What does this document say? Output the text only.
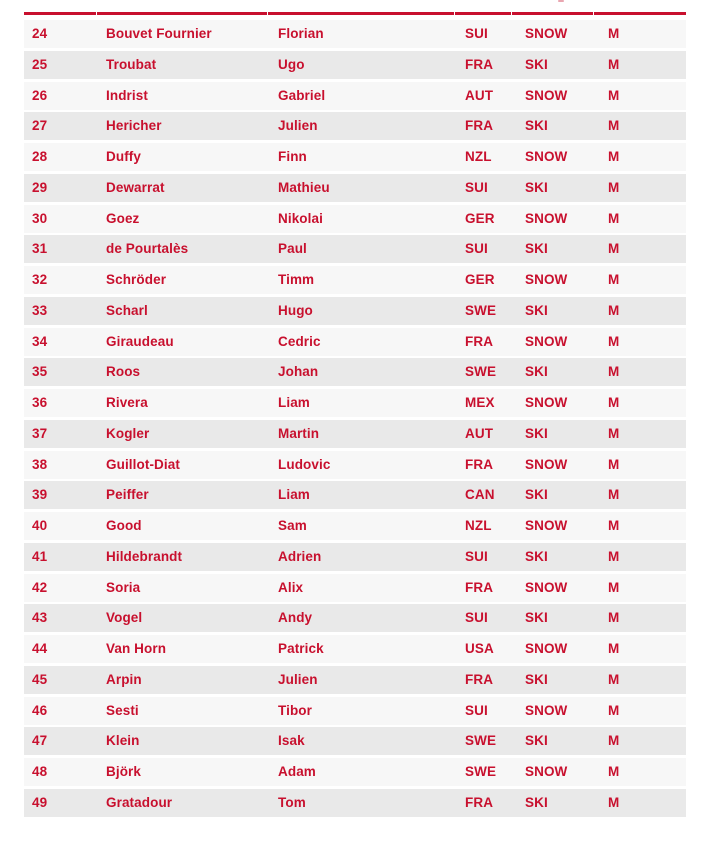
24	Bouvet Fournier	Florian	SUI	SNOW	M
25	Troubat	Ugo	FRA	SKI	M
26	Indrist	Gabriel	AUT	SNOW	M
27	Hericher	Julien	FRA	SKI	M
28	Duffy	Finn	NZL	SNOW	M
29	Dewarrat	Mathieu	SUI	SKI	M
30	Goez	Nikolai	GER	SNOW	M
31	de Pourtalès	Paul	SUI	SKI	M
32	Schröder	Timm	GER	SNOW	M
33	Scharl	Hugo	SWE	SKI	M
34	Giraudeau	Cedric	FRA	SNOW	M
35	Roos	Johan	SWE	SKI	M
36	Rivera	Liam	MEX	SNOW	M
37	Kogler	Martin	AUT	SKI	M
38	Guillot-Diat	Ludovic	FRA	SNOW	M
39	Peiffer	Liam	CAN	SKI	M
40	Good	Sam	NZL	SNOW	M
41	Hildebrandt	Adrien	SUI	SKI	M
42	Soria	Alix	FRA	SNOW	M
43	Vogel	Andy	SUI	SKI	M
44	Van Horn	Patrick	USA	SNOW	M
45	Arpin	Julien	FRA	SKI	M
46	Sesti	Tibor	SUI	SNOW	M
47	Klein	Isak	SWE	SKI	M
48	Björk	Adam	SWE	SNOW	M
49	Gratadour	Tom	FRA	SKI	M
